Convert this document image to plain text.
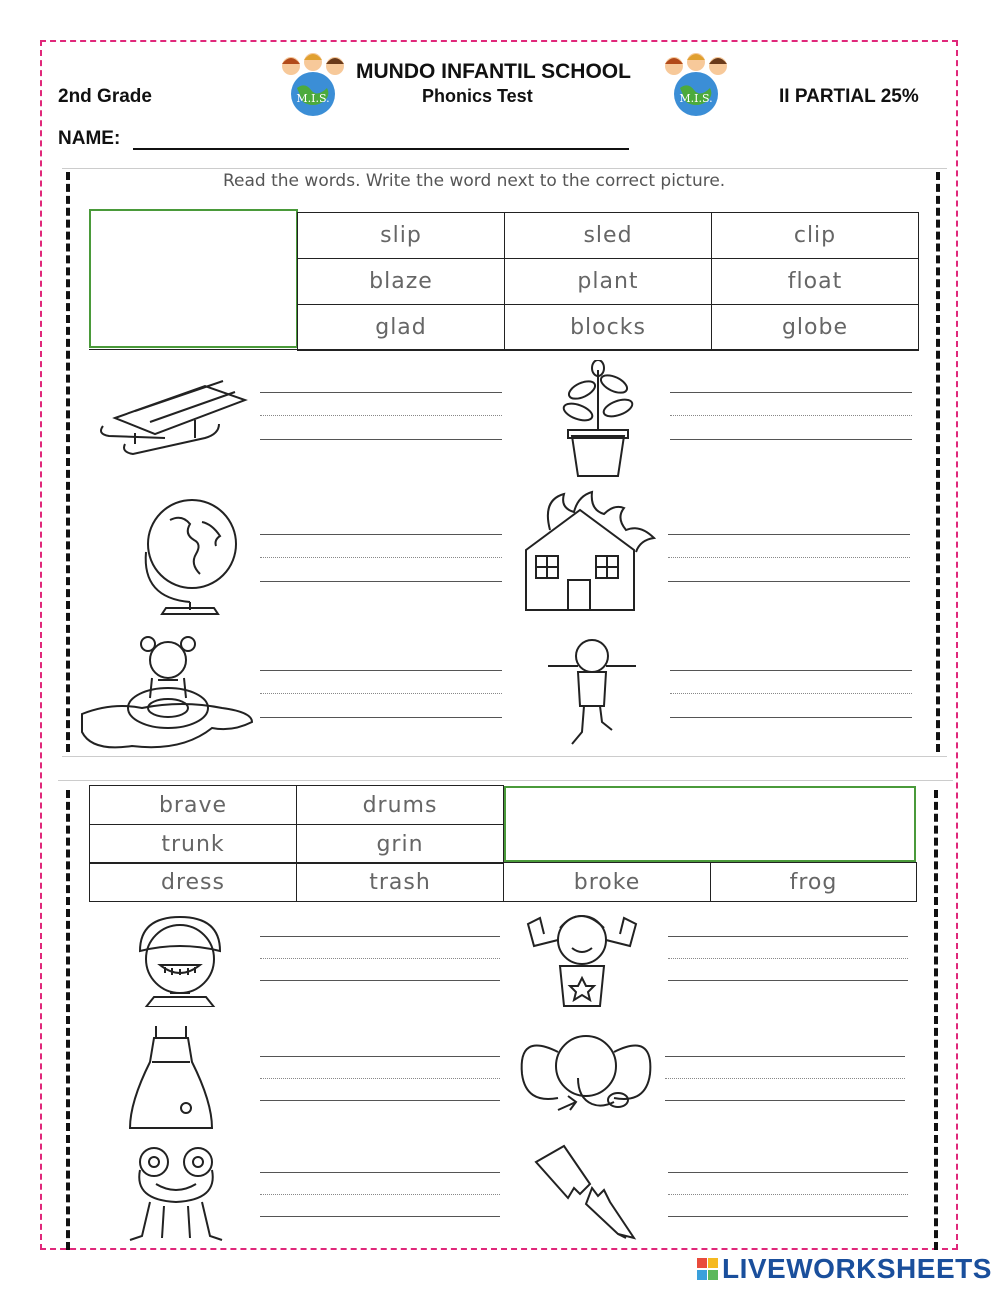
2nd Grade
MUNDO INFANTIL SCHOOL
Phonics Test	II PARTIAL 25%
NAME:
M.I.S.	M.I.S.
Read the words. Write the word next to the correct picture.
slip	sled	clip
blaze	plant	float
glad	blocks	globe
brave	drums
trunk	grin
dress	trash	broke	frog
LIVEWORKSHEETS
